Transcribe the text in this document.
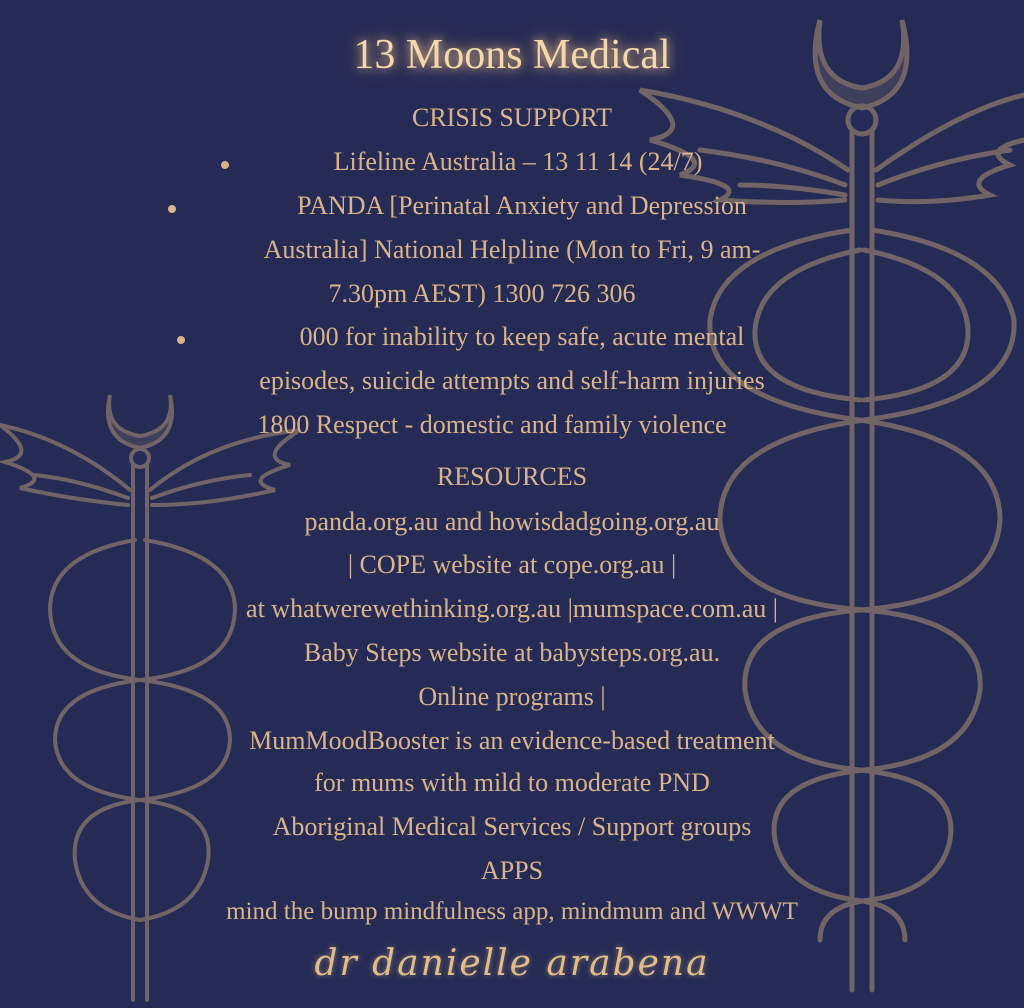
13 Moons Medical
CRISIS SUPPORT
Lifeline Australia – 13 11 14 (24/7)
PANDA [Perinatal Anxiety and Depression
Australia] National Helpline (Mon to Fri, 9 am-
7.30pm AEST) 1300 726 306
000 for inability to keep safe, acute mental
episodes, suicide attempts and self-harm injuries
1800 Respect - domestic and family violence
RESOURCES
panda.org.au and howisdadgoing.org.au
| COPE website at cope.org.au |
at whatwerewethinking.org.au |mumspace.com.au |
Baby Steps website at babysteps.org.au.
Online programs |
MumMoodBooster is an evidence-based treatment
for mums with mild to moderate PND
Aboriginal Medical Services / Support groups
APPS
mind the bump mindfulness app, mindmum and WWWT
dr danielle arabena
